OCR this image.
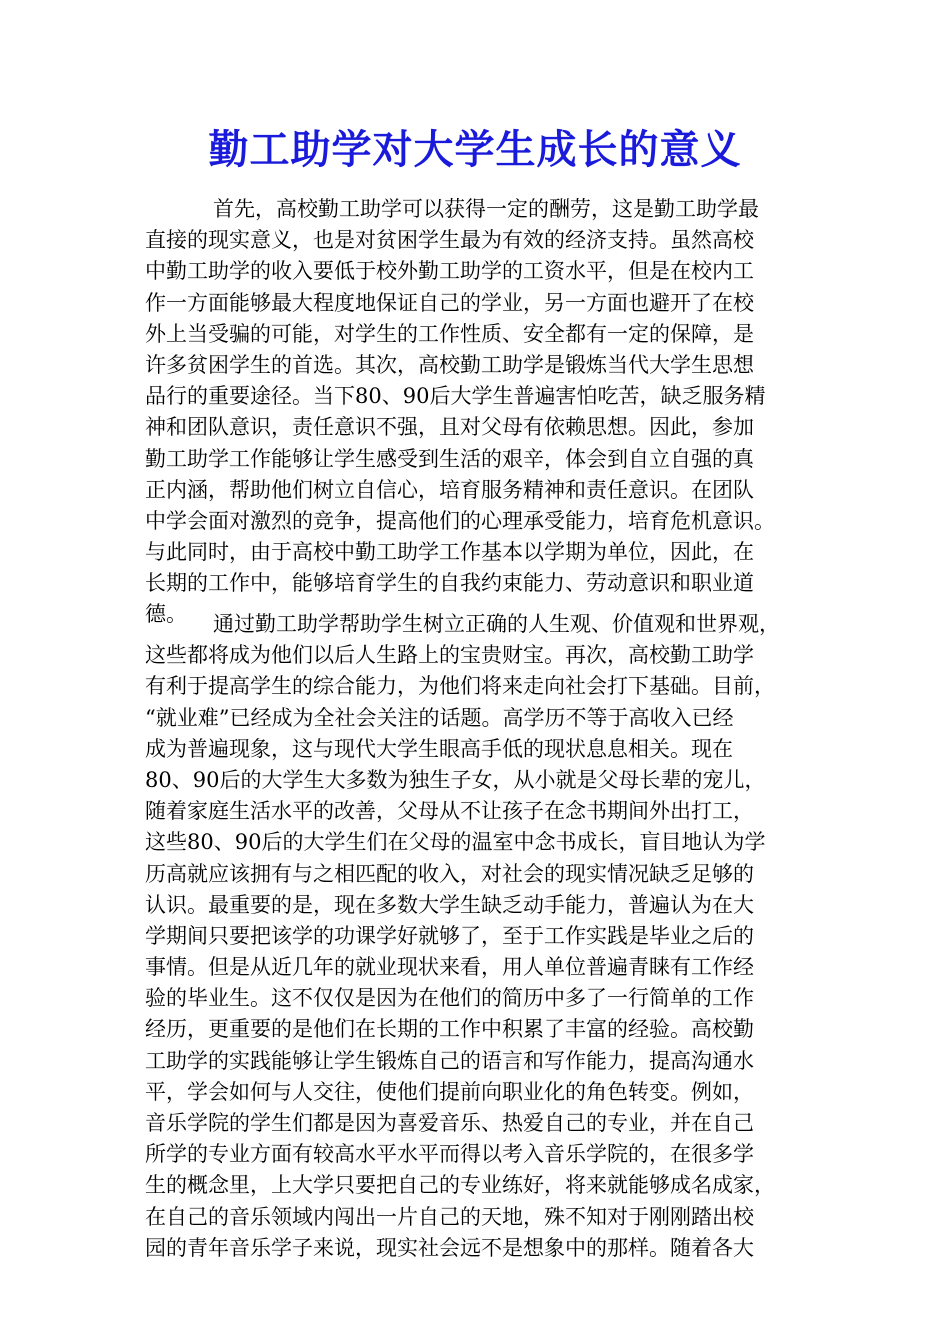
勤工助学对大学生成长的意义
首先，高校勤工助学可以获得一定的酬劳，这是勤工助学最
直接的现实意义，也是对贫困学生最为有效的经济支持。虽然高校
中勤工助学的收入要低于校外勤工助学的工资水平，但是在校内工
作一方面能够最大程度地保证自己的学业，另一方面也避开了在校
外上当受骗的可能，对学生的工作性质、安全都有一定的保障，是
许多贫困学生的首选。其次，高校勤工助学是锻炼当代大学生思想
品行的重要途径。当下80、90后大学生普遍害怕吃苦，缺乏服务精
神和团队意识，责任意识不强，且对父母有依赖思想。因此，参加
勤工助学工作能够让学生感受到生活的艰辛，体会到自立自强的真
正内涵，帮助他们树立自信心，培育服务精神和责任意识。在团队
中学会面对激烈的竞争，提高他们的心理承受能力，培育危机意识。
与此同时，由于高校中勤工助学工作基本以学期为单位，因此，在
长期的工作中，能够培育学生的自我约束能力、劳动意识和职业道
德。	通过勤工助学帮助学生树立正确的人生观、价值观和世界观，
这些都将成为他们以后人生路上的宝贵财宝。再次，高校勤工助学
有利于提高学生的综合能力，为他们将来走向社会打下基础。目前，
“就业难”已经成为全社会关注的话题。高学历不等于高收入已经
成为普遍现象，这与现代大学生眼高手低的现状息息相关。现在
80、90后的大学生大多数为独生子女，从小就是父母长辈的宠儿，
随着家庭生活水平的改善，父母从不让孩子在念书期间外出打工，
这些80、90后的大学生们在父母的温室中念书成长，盲目地认为学
历高就应该拥有与之相匹配的收入，对社会的现实情况缺乏足够的
认识。最重要的是，现在多数大学生缺乏动手能力，普遍认为在大
学期间只要把该学的功课学好就够了，至于工作实践是毕业之后的
事情。但是从近几年的就业现状来看，用人单位普遍青睐有工作经
验的毕业生。这不仅仅是因为在他们的简历中多了一行简单的工作
经历，更重要的是他们在长期的工作中积累了丰富的经验。高校勤
工助学的实践能够让学生锻炼自己的语言和写作能力，提高沟通水
平，学会如何与人交往，使他们提前向职业化的角色转变。例如，
音乐学院的学生们都是因为喜爱音乐、热爱自己的专业，并在自己
所学的专业方面有较高水平水平而得以考入音乐学院的，在很多学
生的概念里，上大学只要把自己的专业练好，将来就能够成名成家，
在自己的音乐领域内闯出一片自己的天地，殊不知对于刚刚踏出校
园的青年音乐学子来说，现实社会远不是想象中的那样。随着各大
